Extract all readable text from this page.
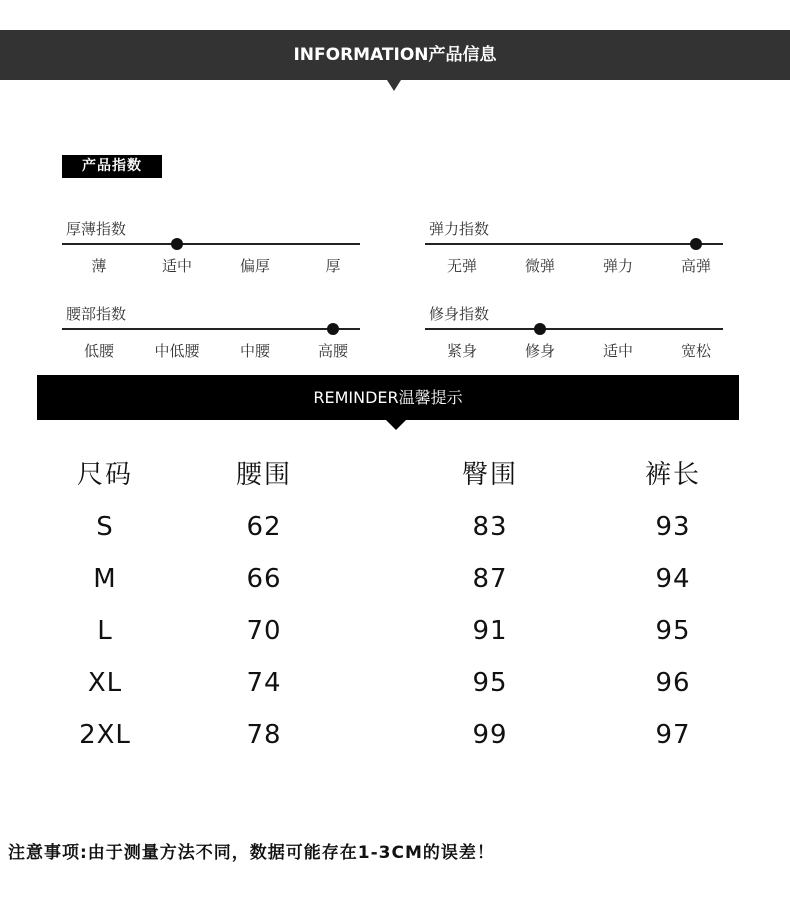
INFORMATION产品信息
产品指数
厚薄指数
薄	适中	偏厚	厚
弹力指数
无弹	微弹	弹力	高弹
腰部指数
低腰	中低腰	中腰	高腰
修身指数
紧身	修身	适中	宽松
REMINDER温馨提示
尺码	腰围	臀围	裤长
S	62	83	93
M	66	87	94
L	70	91	95
XL	74	95	96
2XL	78	99	97
注意事项:由于测量方法不同，数据可能存在1-3CM的误差！
